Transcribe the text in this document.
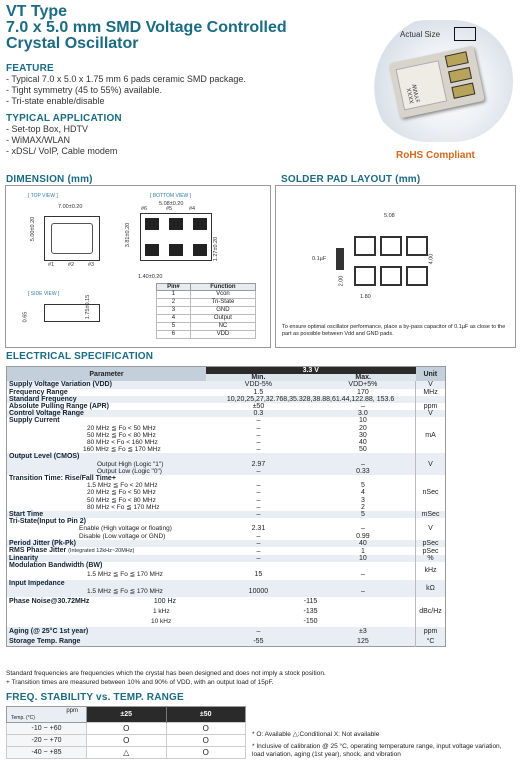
VT Type
7.0 x 5.0 mm SMD Voltage Controlled
Crystal Oscillator
FEATURE
- Typical 7.0 x 5.0 x 1.75 mm 6 pads ceramic SMD package.
- Tight symmetry (45 to 55%) available.
- Tri-state enable/disable
TYPICAL APPLICATION
- Set-top Box, HDTV
- WiMAX/WLAN
- xDSL/ VoIP, Cable modem
Actual Size
XXXX ±YWW
RoHS Compliant
DIMENSION (mm)
[ TOP VIEW ]	[ BOTTOM VIEW ]
7.00±0.20
5.00±0.20
#1	#2	#3
5.08±0.20
#6	#5	#4
3.81±0.20
1.27±0.20
1.40±0.20
[ SIDE VIEW ]
0.65	1.75±0.15
Pin#	Function
1	Vcon
2	Tri-State
3	GND
4	Output
5	NC
6	VDD
SOLDER PAD LAYOUT (mm)
5.08
0.1µF	4.00
2.00
1.80
To ensure optimal oscillator performance, place a by-pass capacitor of 0.1µF as close to the part as possible between Vdd and GND pads.
ELECTRICAL SPECIFICATION
Parameter	3.3 V		Unit
	Min.	Max.	
Supply Voltage Variation (VDD)	VDD-5%	VDD+5%	V
Frequency Range	1.5	170	MHz
Standard Frequency	10,20,25,27,32.768,35.328,38.88,61.44,122.88, 153.6		
Absolute Pulling Range (APR)	±50	–	ppm
Control Voltage Range	0.3	3.0	V
Supply Current	–	10	mA
20 MHz ≦ Fo < 50 MHz	–	20	
50 MHz ≦ Fo < 80 MHz	–	30	
80 MHz < Fo < 160 MHz	–	40	
160 MHz ≦ Fo ≦ 170 MHz	–	50	
Output Level (CMOS)			V
Output High (Logic "1")	2.97	–	
Output Low (Logic "0")	–	0.33	
Transition Time: Rise/Fall Time+			nSec
1.5 MHz ≦ Fo < 20 MHz	–	5	
20 MHz ≦ Fo < 50 MHz	–	4	
50 MHz ≦ Fo < 80 MHz	–	3	
80 MHz < Fo ≦ 170 MHz	–	2	
Start Time	–	5	mSec
Tri-State(Input to Pin 2)			V
Enable (High voltage or floating)	2.31	–	
Disable (Low voltage or GND)	–	0.99	
Period Jitter (Pk-Pk)	–	40	pSec
RMS Phase Jitter (Integrated 12kHz~20MHz)	–	1	pSec
Linearity	–	10	%
Modulation Bandwidth (BW)			kHz
1.5 MHz ≦ Fo ≦ 170 MHz	15	–	
Input Impedance			kΩ
1.5 MHz ≦ Fo ≦ 170 MHz	10000	–	
Phase Noise@30.72MHz 100 Hz	-115		dBc/Hz
1 kHz	-135		
10 kHz	-150		
Aging (@ 25°C 1st year)	–	±3	ppm
Storage Temp. Range	-55	125	°C
Standard frequencies are frequencies which the crystal has been designed and does not imply a stock position.
+ Transition times are measured between 10% and 90% of VDD, with an output load of 15pF.
FREQ. STABILITY vs. TEMP. RANGE
ppm
Temp. (°C)	±25	±50
-10 ~ +60	O	O
-20 ~ +70	O	O
-40 ~ +85	△	O
* O: Available △:Conditional X: Not available
* Inclusive of calibration @ 25 °C, operating temperature range, input voltage variation, load variation, aging (1st year), shock, and vibration
